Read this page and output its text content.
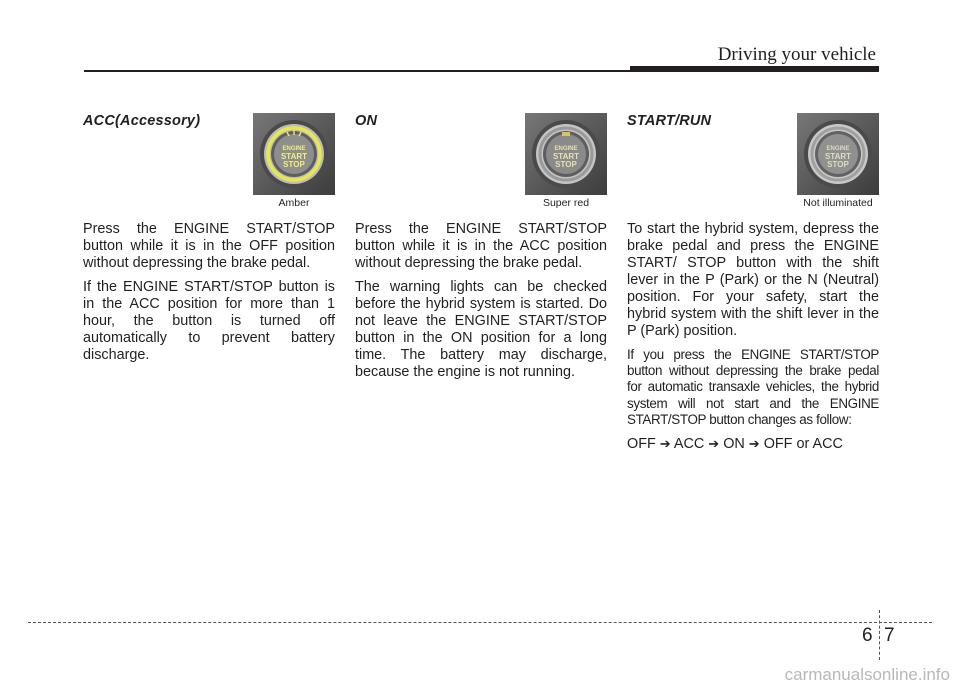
Driving your vehicle
ACC(Accessory)
ENGINE
START
STOP
Amber

Press the ENGINE START/STOP button while it is in the OFF position without depressing the brake pedal.

If the ENGINE START/STOP button is in the ACC position for more than 1 hour, the button is turned off automatically to prevent battery discharge.

ON
ENGINE
START
STOP
Super red

Press the ENGINE START/STOP button while it is in the ACC position without depressing the brake pedal.

The warning lights can be checked before the hybrid system is started. Do not leave the ENGINE START/STOP button in the ON position for a long time. The battery may discharge, because the engine is not running.

START/RUN
ENGINE
START
STOP
Not illuminated

To start the hybrid system, depress the brake pedal and press the ENGINE START/ STOP button with the shift lever in the P (Park) or the N (Neutral) position. For your safety, start the hybrid system with the shift lever in the P (Park) position.

If you press the ENGINE START/STOP button without depressing the brake pedal for automatic transaxle vehicles, the hybrid system will not start and the ENGINE START/STOP button changes as follow:

OFF ➔ ACC ➔ ON ➔ OFF or ACC

6 7
carmanualsonline.info
